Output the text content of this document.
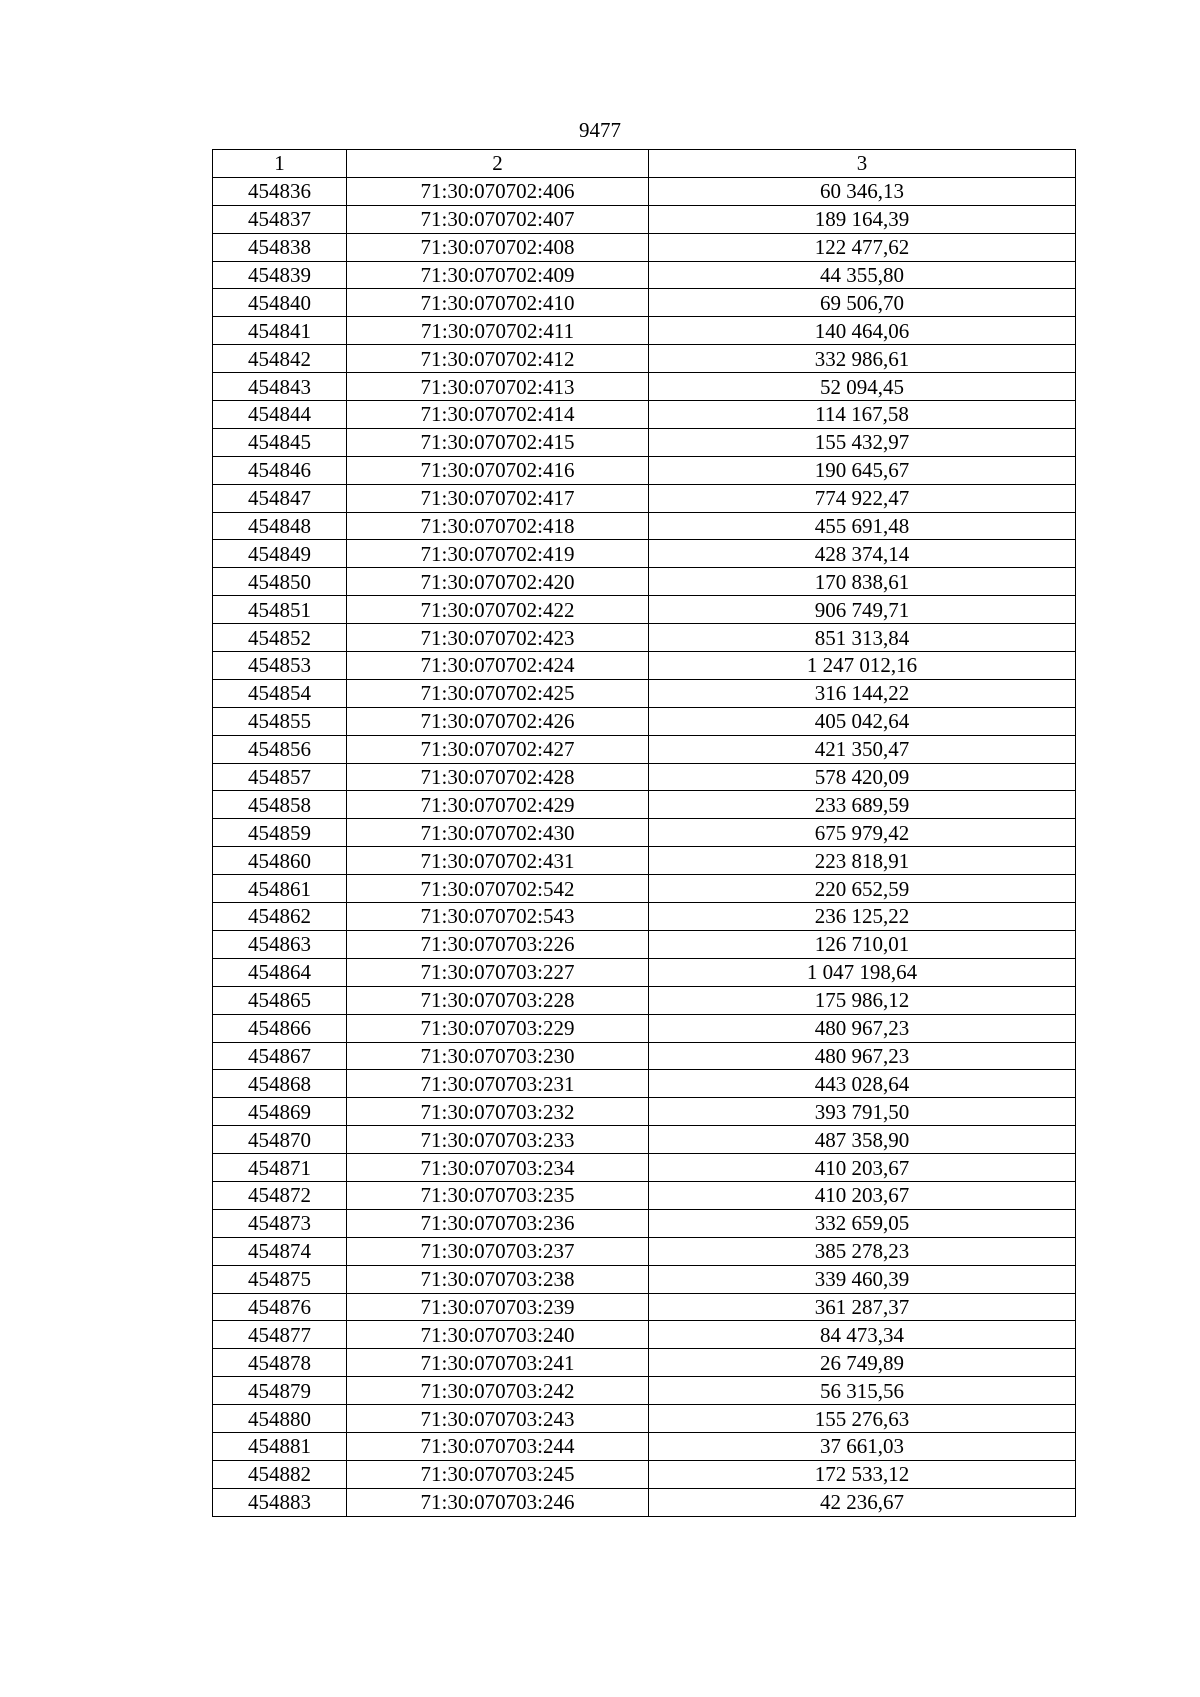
9477
1	2	3
454836	71:30:070702:406	60 346,13
454837	71:30:070702:407	189 164,39
454838	71:30:070702:408	122 477,62
454839	71:30:070702:409	44 355,80
454840	71:30:070702:410	69 506,70
454841	71:30:070702:411	140 464,06
454842	71:30:070702:412	332 986,61
454843	71:30:070702:413	52 094,45
454844	71:30:070702:414	114 167,58
454845	71:30:070702:415	155 432,97
454846	71:30:070702:416	190 645,67
454847	71:30:070702:417	774 922,47
454848	71:30:070702:418	455 691,48
454849	71:30:070702:419	428 374,14
454850	71:30:070702:420	170 838,61
454851	71:30:070702:422	906 749,71
454852	71:30:070702:423	851 313,84
454853	71:30:070702:424	1 247 012,16
454854	71:30:070702:425	316 144,22
454855	71:30:070702:426	405 042,64
454856	71:30:070702:427	421 350,47
454857	71:30:070702:428	578 420,09
454858	71:30:070702:429	233 689,59
454859	71:30:070702:430	675 979,42
454860	71:30:070702:431	223 818,91
454861	71:30:070702:542	220 652,59
454862	71:30:070702:543	236 125,22
454863	71:30:070703:226	126 710,01
454864	71:30:070703:227	1 047 198,64
454865	71:30:070703:228	175 986,12
454866	71:30:070703:229	480 967,23
454867	71:30:070703:230	480 967,23
454868	71:30:070703:231	443 028,64
454869	71:30:070703:232	393 791,50
454870	71:30:070703:233	487 358,90
454871	71:30:070703:234	410 203,67
454872	71:30:070703:235	410 203,67
454873	71:30:070703:236	332 659,05
454874	71:30:070703:237	385 278,23
454875	71:30:070703:238	339 460,39
454876	71:30:070703:239	361 287,37
454877	71:30:070703:240	84 473,34
454878	71:30:070703:241	26 749,89
454879	71:30:070703:242	56 315,56
454880	71:30:070703:243	155 276,63
454881	71:30:070703:244	37 661,03
454882	71:30:070703:245	172 533,12
454883	71:30:070703:246	42 236,67
